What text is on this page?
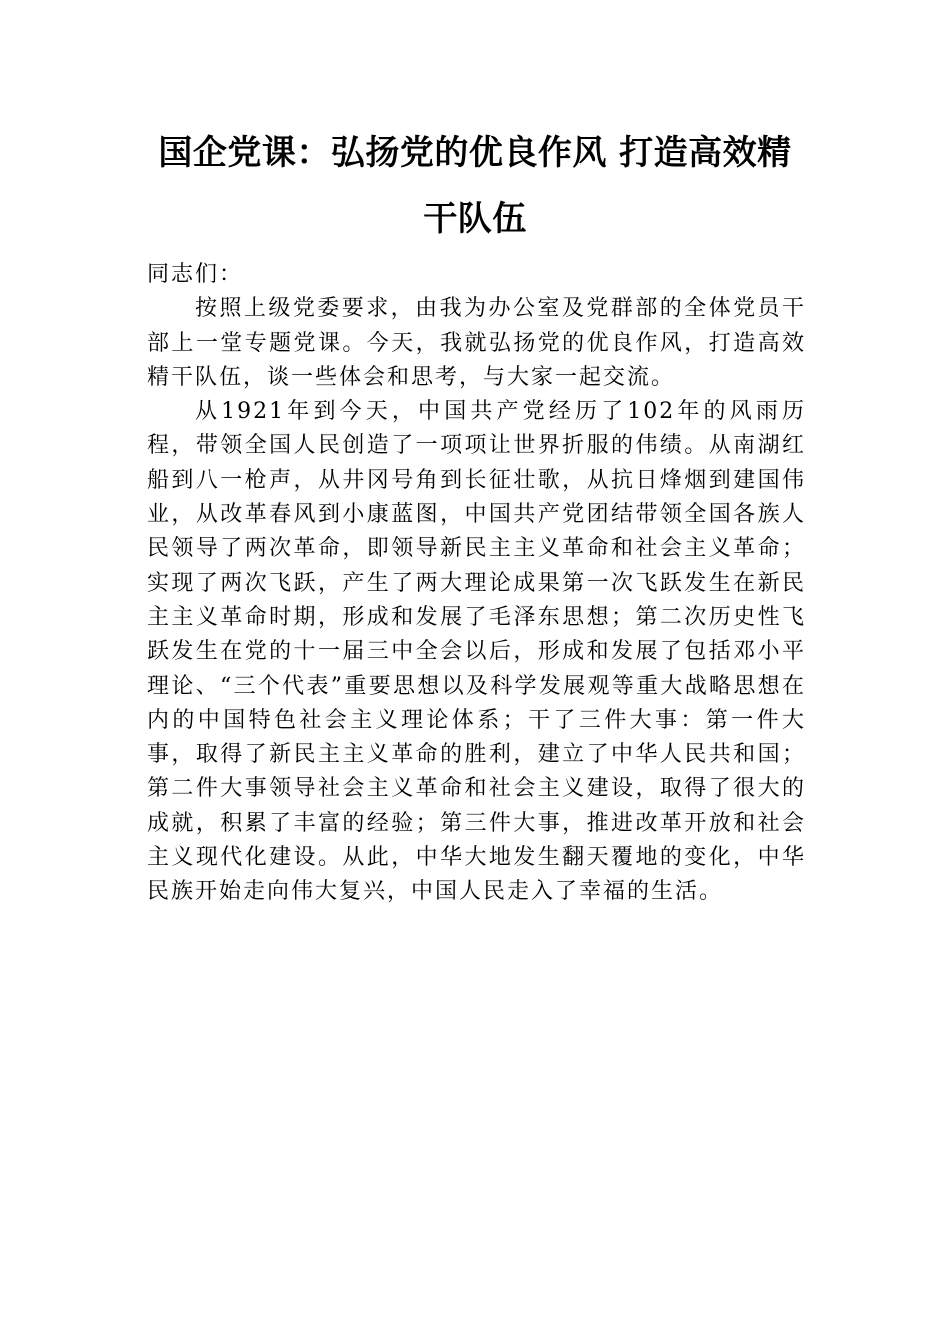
国企党课：弘扬党的优良作风 打造高效精干队伍

同志们：

按照上级党委要求，由我为办公室及党群部的全体党员干部上一堂专题党课。今天，我就弘扬党的优良作风，打造高效精干队伍，谈一些体会和思考，与大家一起交流。

从1921年到今天，中国共产党经历了102年的风雨历程，带领全国人民创造了一项项让世界折服的伟绩。从南湖红船到八一枪声，从井冈号角到长征壮歌，从抗日烽烟到建国伟业，从改革春风到小康蓝图，中国共产党团结带领全国各族人民领导了两次革命，即领导新民主主义革命和社会主义革命；实现了两次飞跃，产生了两大理论成果第一次飞跃发生在新民主主义革命时期，形成和发展了毛泽东思想；第二次历史性飞跃发生在党的十一届三中全会以后，形成和发展了包括邓小平理论、“三个代表”重要思想以及科学发展观等重大战略思想在内的中国特色社会主义理论体系；干了三件大事：第一件大事，取得了新民主主义革命的胜利，建立了中华人民共和国；第二件大事领导社会主义革命和社会主义建设，取得了很大的成就，积累了丰富的经验；第三件大事，推进改革开放和社会主义现代化建设。从此，中华大地发生翻天覆地的变化，中华民族开始走向伟大复兴，中国人民走入了幸福的生活。
